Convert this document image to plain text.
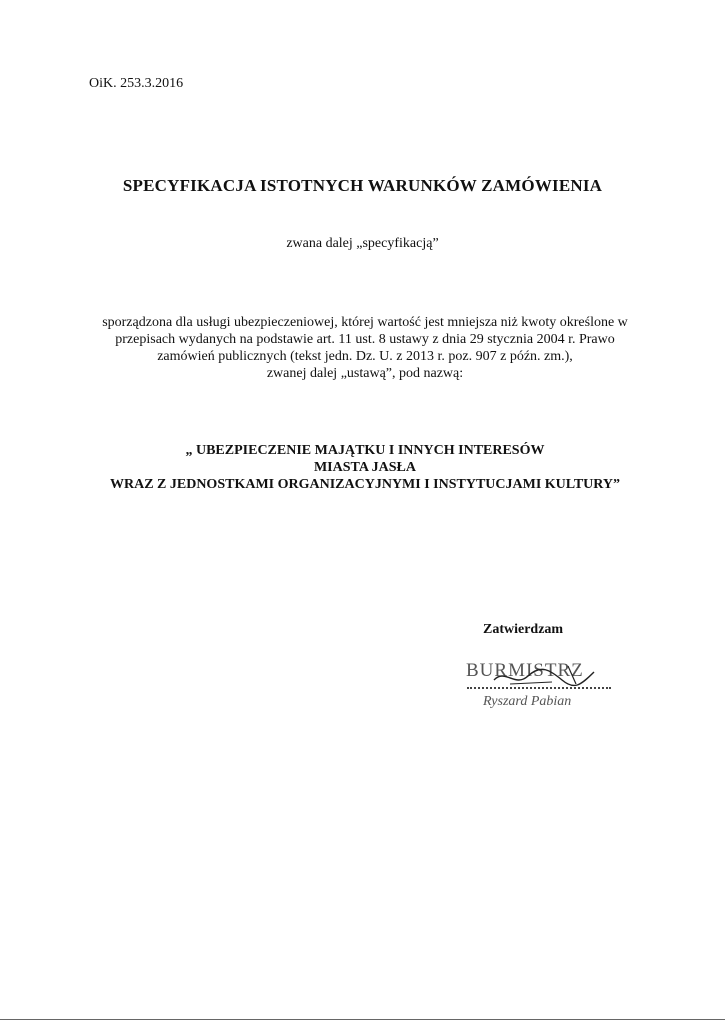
OiK. 253.3.2016
SPECYFIKACJA ISTOTNYCH WARUNKÓW ZAMÓWIENIA
zwana dalej „specyfikacją”
sporządzona dla usługi ubezpieczeniowej, której wartość jest mniejsza niż kwoty określone w
przepisach wydanych na podstawie art. 11 ust. 8 ustawy z dnia 29 stycznia 2004 r. Prawo
zamówień publicznych (tekst jedn. Dz. U. z 2013 r. poz. 907 z późn. zm.),
zwanej dalej „ustawą”, pod nazwą:
„ UBEZPIECZENIE MAJĄTKU I INNYCH INTERESÓW
MIASTA JASŁA
WRAZ Z JEDNOSTKAMI ORGANIZACYJNYMI I INSTYTUCJAMI KULTURY”
Zatwierdzam
BURMISTRZ
Ryszard Pabian
